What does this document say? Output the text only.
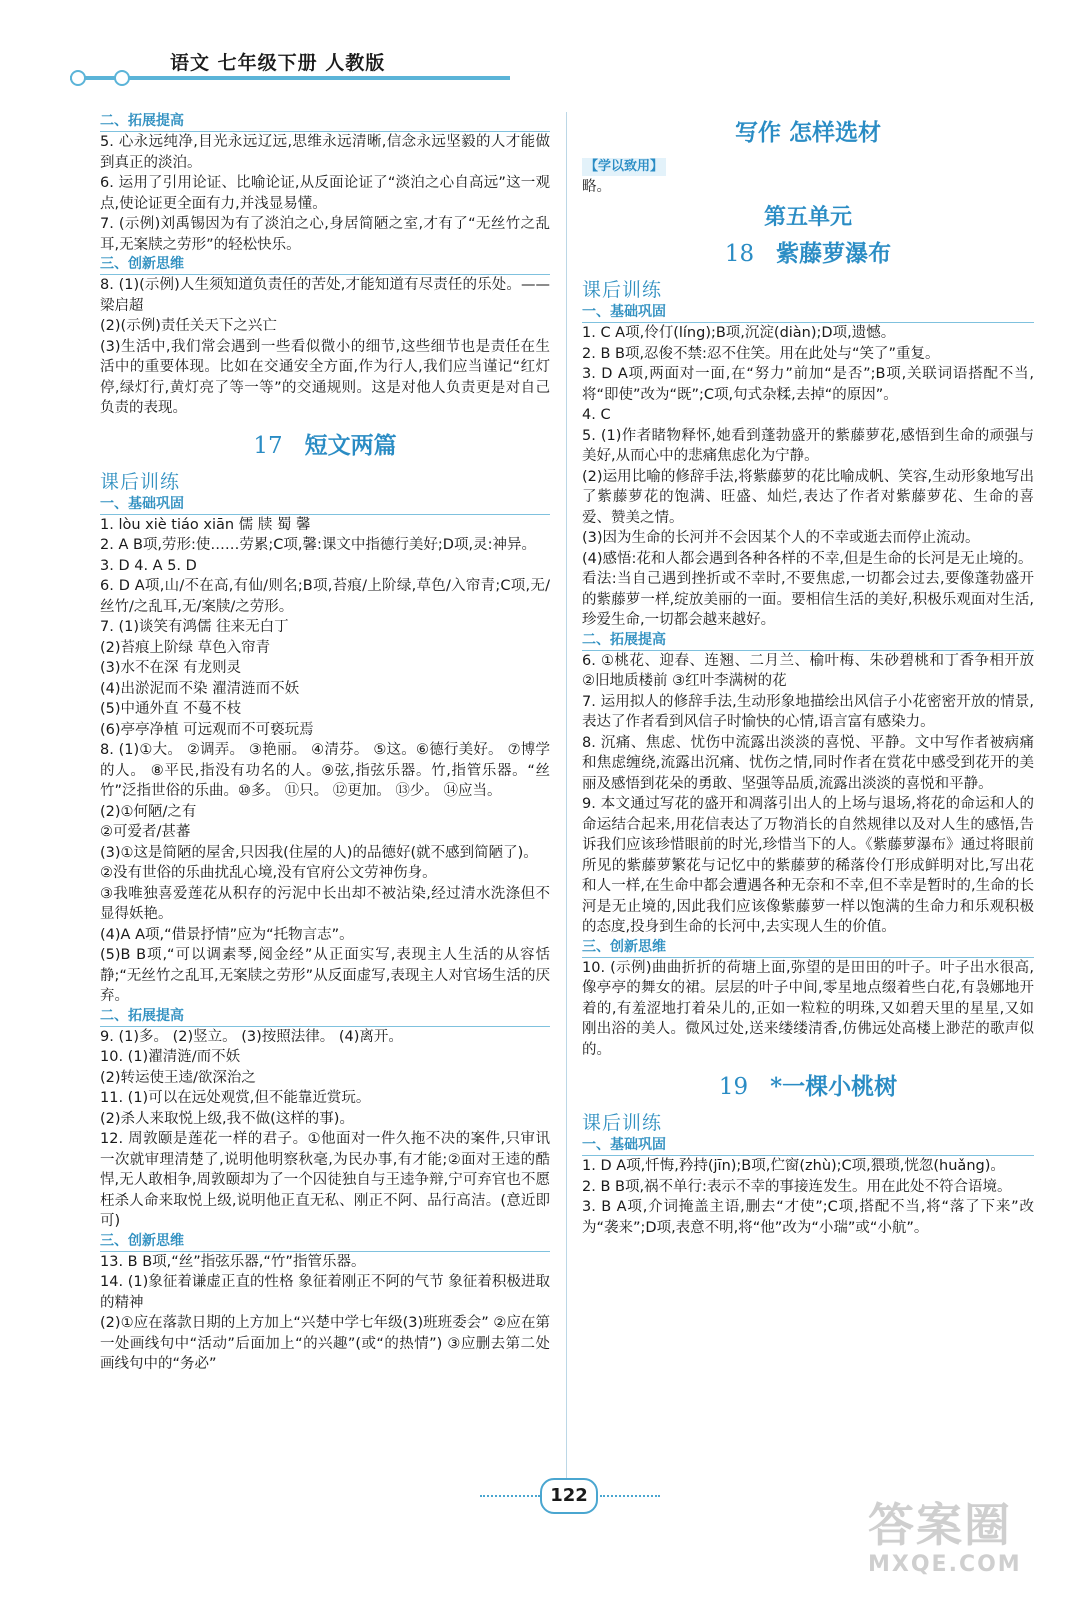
语文 七年级下册 人教版
二、拓展提高
5. 心永远纯净,目光永远辽远,思维永远清晰,信念永远坚毅的人才能做到真正的淡泊。
6. 运用了引用论证、比喻论证,从反面论证了“淡泊之心自高远”这一观点,使论证更全面有力,并浅显易懂。
7. (示例)刘禹锡因为有了淡泊之心,身居简陋之室,才有了“无丝竹之乱耳,无案牍之劳形”的轻松快乐。
三、创新思维
8. (1)(示例)人生须知道负责任的苦处,才能知道有尽责任的乐处。——梁启超
(2)(示例)责任关天下之兴亡
(3)生活中,我们常会遇到一些看似微小的细节,这些细节也是责任在生活中的重要体现。比如在交通安全方面,作为行人,我们应当谨记“红灯停,绿灯行,黄灯亮了等一等”的交通规则。这是对他人负责更是对自己负责的表现。
17 短文两篇
课后训练
一、基础巩固
1. lòu xiè tiáo xiān 儒 牍 蜀 馨
2. A B项,劳形:使……劳累;C项,馨:课文中指德行美好;D项,灵:神异。
3. D 4. A 5. D
6. D A项,山/不在高,有仙/则名;B项,苔痕/上阶绿,草色/入帘青;C项,无/丝竹/之乱耳,无/案牍/之劳形。
7. (1)谈笑有鸿儒 往来无白丁
(2)苔痕上阶绿 草色入帘青
(3)水不在深 有龙则灵
(4)出淤泥而不染 濯清涟而不妖
(5)中通外直 不蔓不枝
(6)亭亭净植 可远观而不可亵玩焉
8. (1)①大。 ②调弄。 ③艳丽。 ④清芬。 ⑤这。⑥德行美好。 ⑦博学的人。 ⑧平民,指没有功名的人。⑨弦,指弦乐器。竹,指管乐器。“丝竹”泛指世俗的乐曲。⑩多。 ⑪只。 ⑫更加。 ⑬少。 ⑭应当。
(2)①何陋/之有
②可爱者/甚蕃
(3)①这是简陋的屋舍,只因我(住屋的人)的品德好(就不感到简陋了)。
②没有世俗的乐曲扰乱心境,没有官府公文劳神伤身。
③我唯独喜爱莲花从积存的污泥中长出却不被沾染,经过清水洗涤但不显得妖艳。
(4)A A项,“借景抒情”应为“托物言志”。
(5)B B项,“可以调素琴,阅金经”从正面实写,表现主人生活的从容恬静;“无丝竹之乱耳,无案牍之劳形”从反面虚写,表现主人对官场生活的厌弃。
二、拓展提高
9. (1)多。 (2)竖立。 (3)按照法律。 (4)离开。
10. (1)濯清涟/而不妖
(2)转运使王逵/欲深治之
11. (1)可以在远处观赏,但不能靠近赏玩。
(2)杀人来取悦上级,我不做(这样的事)。
12. 周敦颐是莲花一样的君子。①他面对一件久拖不决的案件,只审讯一次就审理清楚了,说明他明察秋毫,为民办事,有才能;②面对王逵的酷悍,无人敢相争,周敦颐却为了一个囚徒独自与王逵争辩,宁可弃官也不愿枉杀人命来取悦上级,说明他正直无私、刚正不阿、品行高洁。(意近即可)
三、创新思维
13. B B项,“丝”指弦乐器,“竹”指管乐器。
14. (1)象征着谦虚正直的性格 象征着刚正不阿的气节 象征着积极进取的精神
(2)①应在落款日期的上方加上“兴楚中学七年级(3)班班委会” ②应在第一处画线句中“活动”后面加上“的兴趣”(或“的热情”) ③应删去第二处画线句中的“务必”
写作 怎样选材
【学以致用】
略。
第五单元
18 紫藤萝瀑布
课后训练
一、基础巩固
1. C A项,伶仃(líng);B项,沉淀(diàn);D项,遗憾。
2. B B项,忍俊不禁:忍不住笑。用在此处与“笑了”重复。
3. D A项,两面对一面,在“努力”前加“是否”;B项,关联词语搭配不当,将“即使”改为“既”;C项,句式杂糅,去掉“的原因”。
4. C
5. (1)作者睹物释怀,她看到蓬勃盛开的紫藤萝花,感悟到生命的顽强与美好,从而心中的悲痛焦虑化为宁静。
(2)运用比喻的修辞手法,将紫藤萝的花比喻成帆、笑容,生动形象地写出了紫藤萝花的饱满、旺盛、灿烂,表达了作者对紫藤萝花、生命的喜爱、赞美之情。
(3)因为生命的长河并不会因某个人的不幸或逝去而停止流动。
(4)感悟:花和人都会遇到各种各样的不幸,但是生命的长河是无止境的。
看法:当自己遇到挫折或不幸时,不要焦虑,一切都会过去,要像蓬勃盛开的紫藤萝一样,绽放美丽的一面。要相信生活的美好,积极乐观面对生活,珍爱生命,一切都会越来越好。
二、拓展提高
6. ①桃花、迎春、连翘、二月兰、榆叶梅、朱砂碧桃和丁香争相开放 ②旧地质楼前 ③红叶李满树的花
7. 运用拟人的修辞手法,生动形象地描绘出风信子小花密密开放的情景,表达了作者看到风信子时愉快的心情,语言富有感染力。
8. 沉痛、焦虑、忧伤中流露出淡淡的喜悦、平静。文中写作者被病痛和焦虑缠绕,流露出沉痛、忧伤之情,同时作者在赏花中感受到花开的美丽及感悟到花朵的勇敢、坚强等品质,流露出淡淡的喜悦和平静。
9. 本文通过写花的盛开和凋落引出人的上场与退场,将花的命运和人的命运结合起来,用花信表达了万物消长的自然规律以及对人生的感悟,告诉我们应该珍惜眼前的时光,珍惜当下的人。《紫藤萝瀑布》通过将眼前所见的紫藤萝繁花与记忆中的紫藤萝的稀落伶仃形成鲜明对比,写出花和人一样,在生命中都会遭遇各种无奈和不幸,但不幸是暂时的,生命的长河是无止境的,因此我们应该像紫藤萝一样以饱满的生命力和乐观积极的态度,投身到生命的长河中,去实现人生的价值。
三、创新思维
10. (示例)曲曲折折的荷塘上面,弥望的是田田的叶子。叶子出水很高,像亭亭的舞女的裙。层层的叶子中间,零星地点缀着些白花,有袅娜地开着的,有羞涩地打着朵儿的,正如一粒粒的明珠,又如碧天里的星星,又如刚出浴的美人。微风过处,送来缕缕清香,仿佛远处高楼上渺茫的歌声似的。
19 *一棵小桃树
课后训练
一、基础巩固
1. D A项,忏悔,矜持(jīn);B项,伫窗(zhù);C项,猥琐,恍忽(huǎng)。
2. B B项,祸不单行:表示不幸的事接连发生。用在此处不符合语境。
3. B A项,介词掩盖主语,删去“才使”;C项,搭配不当,将“落了下来”改为“袭来”;D项,表意不明,将“他”改为“小瑞”或“小航”。
122
答案圈
MXQE.COM
